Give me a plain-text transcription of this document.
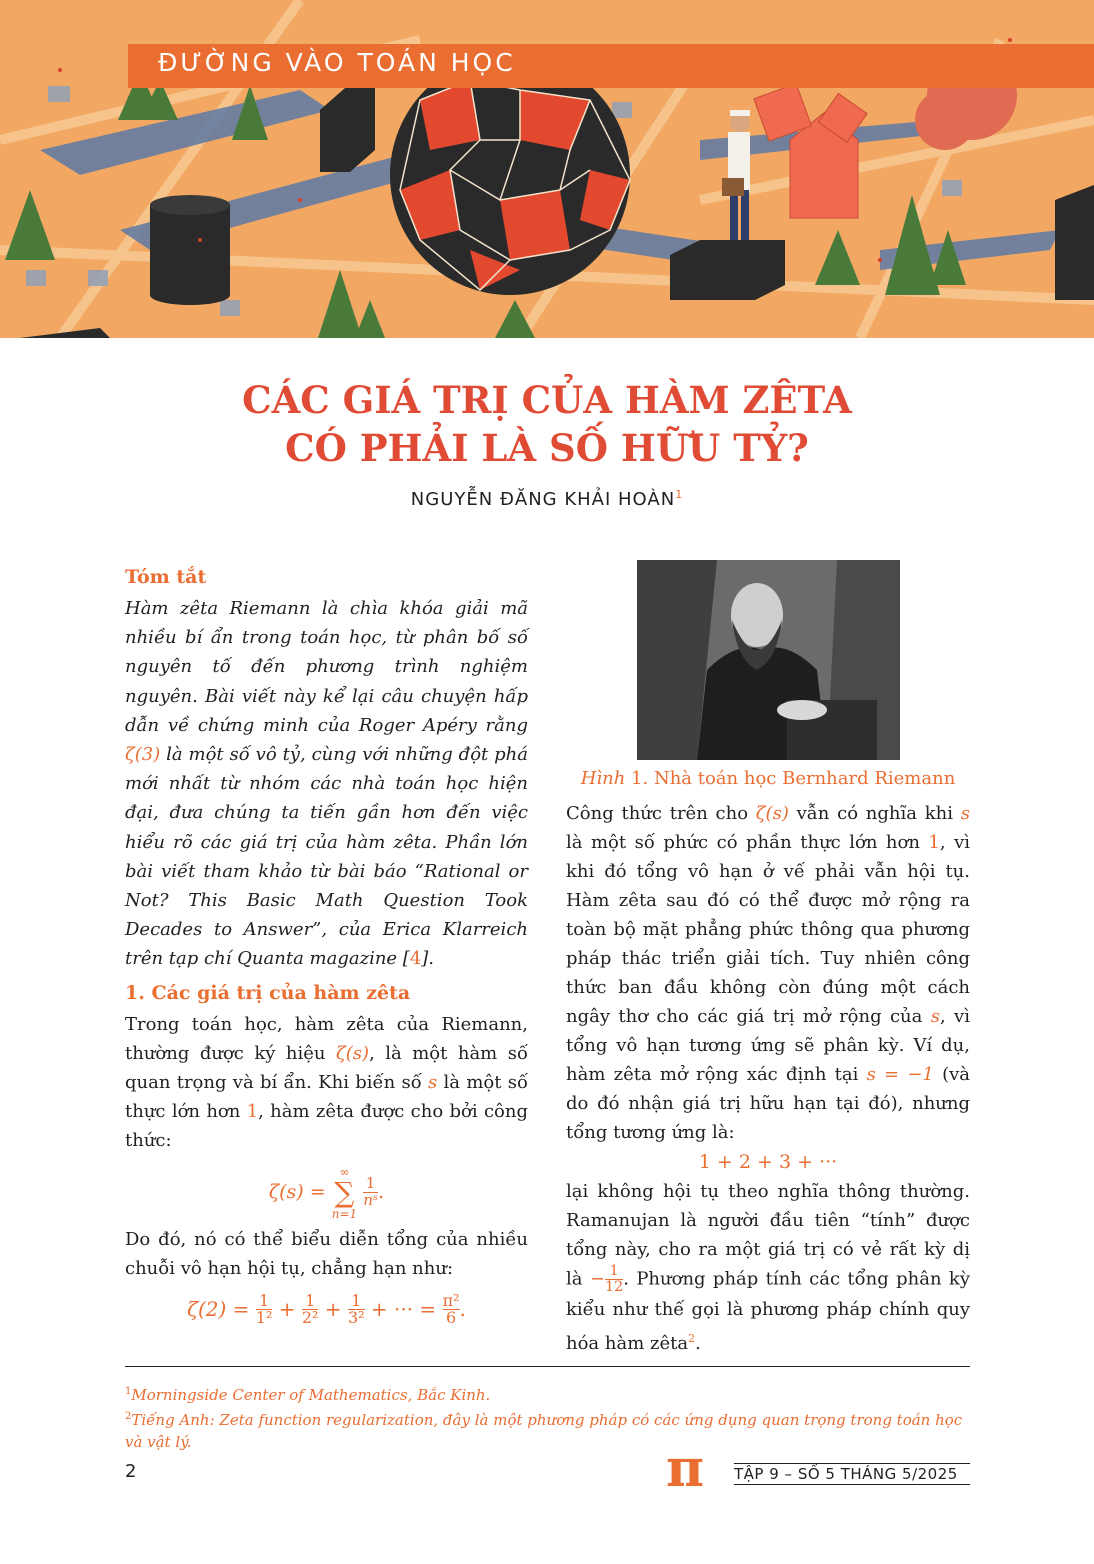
ĐƯỜNG VÀO TOÁN HỌC
CÁC GIÁ TRỊ CỦA HÀM ZÊTA
CÓ PHẢI LÀ SỐ HỮU TỶ?
NGUYỄN ĐĂNG KHẢI HOÀN$^1$
Tóm tắt

Hàm zêta Riemann là chìa khóa giải mã nhiều bí ẩn trong toán học, từ phân bố số nguyên tố đến phương trình nghiệm nguyên. Bài viết này kể lại câu chuyện hấp dẫn về chứng minh của Roger Apéry rằng ζ(3) là một số vô tỷ, cùng với những đột phá mới nhất từ nhóm các nhà toán học hiện đại, đưa chúng ta tiến gần hơn đến việc hiểu rõ các giá trị của hàm zêta. Phần lớn bài viết tham khảo từ bài báo “Rational or Not? This Basic Math Question Took Decades to Answer”, của Erica Klarreich trên tạp chí Quanta magazine [4].

1. Các giá trị của hàm zêta

Trong toán học, hàm zêta của Riemann, thường được ký hiệu ζ(s), là một hàm số quan trọng và bí ẩn. Khi biến số s là một số thực lớn hơn 1, hàm zêta được cho bởi công thức:

ζ(s) =
∞
∑
n=1

$\frac{1}{\text{nˢ}}$ .

Do đó, nó có thể biểu diễn tổng của nhiều chuỗi vô hạn hội tụ, chẳng hạn như:

$\zeta(2) = \frac{1}{\text{1²}} + \frac{1}{\text{2²}} + \frac{1}{\text{3²}}$ + ··· = $\frac{\text{π²}}{6}$ .
Hình 1. Nhà toán học Bernhard Riemann

Công thức trên cho ζ(s) vẫn có nghĩa khi s là một số phức có phần thực lớn hơn 1, vì khi đó tổng vô hạn ở vế phải vẫn hội tụ. Hàm zêta sau đó có thể được mở rộng ra toàn bộ mặt phẳng phức thông qua phương pháp thác triển giải tích. Tuy nhiên công thức ban đầu không còn đúng một cách ngây thơ cho các giá trị mở rộng của s, vì tổng vô hạn tương ứng sẽ phân kỳ. Ví dụ, hàm zêta mở rộng xác định tại s = −1 (và do đó nhận giá trị hữu hạn tại đó), nhưng tổng tương ứng là:

1 + 2 + 3 + ···

lại không hội tụ theo nghĩa thông thường. Ramanujan là người đầu tiên “tính” được tổng này, cho ra một giá trị có vẻ rất kỳ dị là − $\frac{1}{12}$ . Phương pháp tính các tổng phân kỳ kiểu như thế gọi là phương pháp chính quy hóa hàm zêta$^2$.

$^1$Morningside Center of Mathematics, Bắc Kinh.
$^2$Tiếng Anh: Zeta function regularization, đây là một phương pháp có các ứng dụng quan trọng trong toán học và vật lý.
2	π TẬP 9 – SỐ 5 THÁNG 5/2025
